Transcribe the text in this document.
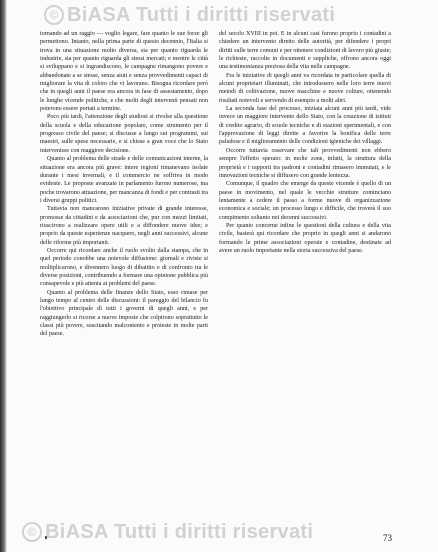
© BiASA Tutti i diritti riservati

tornando ad un raggio — voglio legare, fare quanto le sue forze gli permettono. Intanto, nella prima parte di questo decennio, l'Italia si trova in una situazione molto diversa, sia per quanto riguarda le industrie, sia per quanto riguarda gli stessi mercati; e mentre le città si sviluppano e si ingrandiscono, le campagne rimangono povere e abbandonate a se stesse, senza aiuti e senza provvedimenti capaci di migliorare la vita di coloro che vi lavorano. Bisogna ricordare però che in quegli anni il paese era ancora in fase di assestamento, dopo le lunghe vicende politiche, e che molti degli interventi pensati non poterono essere portati a termine.

Poco più tardi, l'attenzione degli studiosi si rivolse alla questione della scuola e della educazione popolare, come strumento per il progresso civile del paese; si discusse a lungo sui programmi, sui maestri, sulle spese necessarie, e si chiese a gran voce che lo Stato intervenisse con maggiore decisione.

Quanto al problema delle strade e delle comunicazioni interne, la situazione era ancora più grave: intere regioni rimanevano isolate durante i mesi invernali, e il commercio ne soffriva in modo evidente. Le proposte avanzate in parlamento furono numerose, ma poche trovarono attuazione, per mancanza di fondi e per contrasti tra i diversi gruppi politici.

Tuttavia non mancarono iniziative private di grande interesse, promosse da cittadini e da associazioni che, pur con mezzi limitati, riuscirono a realizzare opere utili e a diffondere nuove idee; e proprio da queste esperienze nacquero, negli anni successivi, alcune delle riforme più importanti.

Occorre qui ricordare anche il ruolo svolto dalla stampa, che in quel periodo conobbe una notevole diffusione: giornali e riviste si moltiplicarono, e divennero luogo di dibattito e di confronto tra le diverse posizioni, contribuendo a formare una opinione pubblica più consapevole e più attenta ai problemi del paese.

Quanto al problema delle finanze dello Stato, esso rimase per lungo tempo al centro delle discussioni: il pareggio del bilancio fu l'obiettivo principale di tutti i governi di quegli anni, e per raggiungerlo si ricorse a nuove imposte che colpirono soprattutto le classi più povere, suscitando malcontento e proteste in molte parti del paese.

del secolo XVIII in poi. E in alcuni casi furono proprio i contadini a chiedere un intervento diretto delle autorità, per difendere i propri diritti sulle terre comuni e per ottenere condizioni di lavoro più giuste; le richieste, raccolte in documenti e suppliche, offrono ancora oggi una testimonianza preziosa della vita nelle campagne.

Fra le iniziative di quegli anni va ricordata in particolare quella di alcuni proprietari illuminati, che introdussero nelle loro terre nuovi metodi di coltivazione, nuove macchine e nuove colture, ottenendo risultati notevoli e servendo di esempio a molti altri.

La seconda fase del processo, iniziata alcuni anni più tardi, vide invece un maggiore intervento dello Stato, con la creazione di istituti di credito agrario, di scuole tecniche e di stazioni sperimentali, e con l'approvazione di leggi dirette a favorire la bonifica delle terre paludose e il miglioramento delle condizioni igieniche dei villaggi.

Occorre tuttavia osservare che tali provvedimenti non ebbero sempre l'effetto sperato: in molte zone, infatti, la struttura della proprietà e i rapporti tra padroni e contadini rimasero immutati, e le innovazioni tecniche si diffusero con grande lentezza.

Comunque, il quadro che emerge da queste vicende è quello di un paese in movimento, nel quale le vecchie strutture cominciano lentamente a cedere il passo a forme nuove di organizzazione economica e sociale; un processo lungo e difficile, che troverà il suo compimento soltanto nei decenni successivi.

Per quanto concerne infine le questioni della cultura e della vita civile, basterà qui ricordare che proprio in quegli anni si andarono formando le prime associazioni operaie e contadine, destinate ad avere un ruolo importante nella storia successiva del paese.

73
© BiASA Tutti i diritti riservati
